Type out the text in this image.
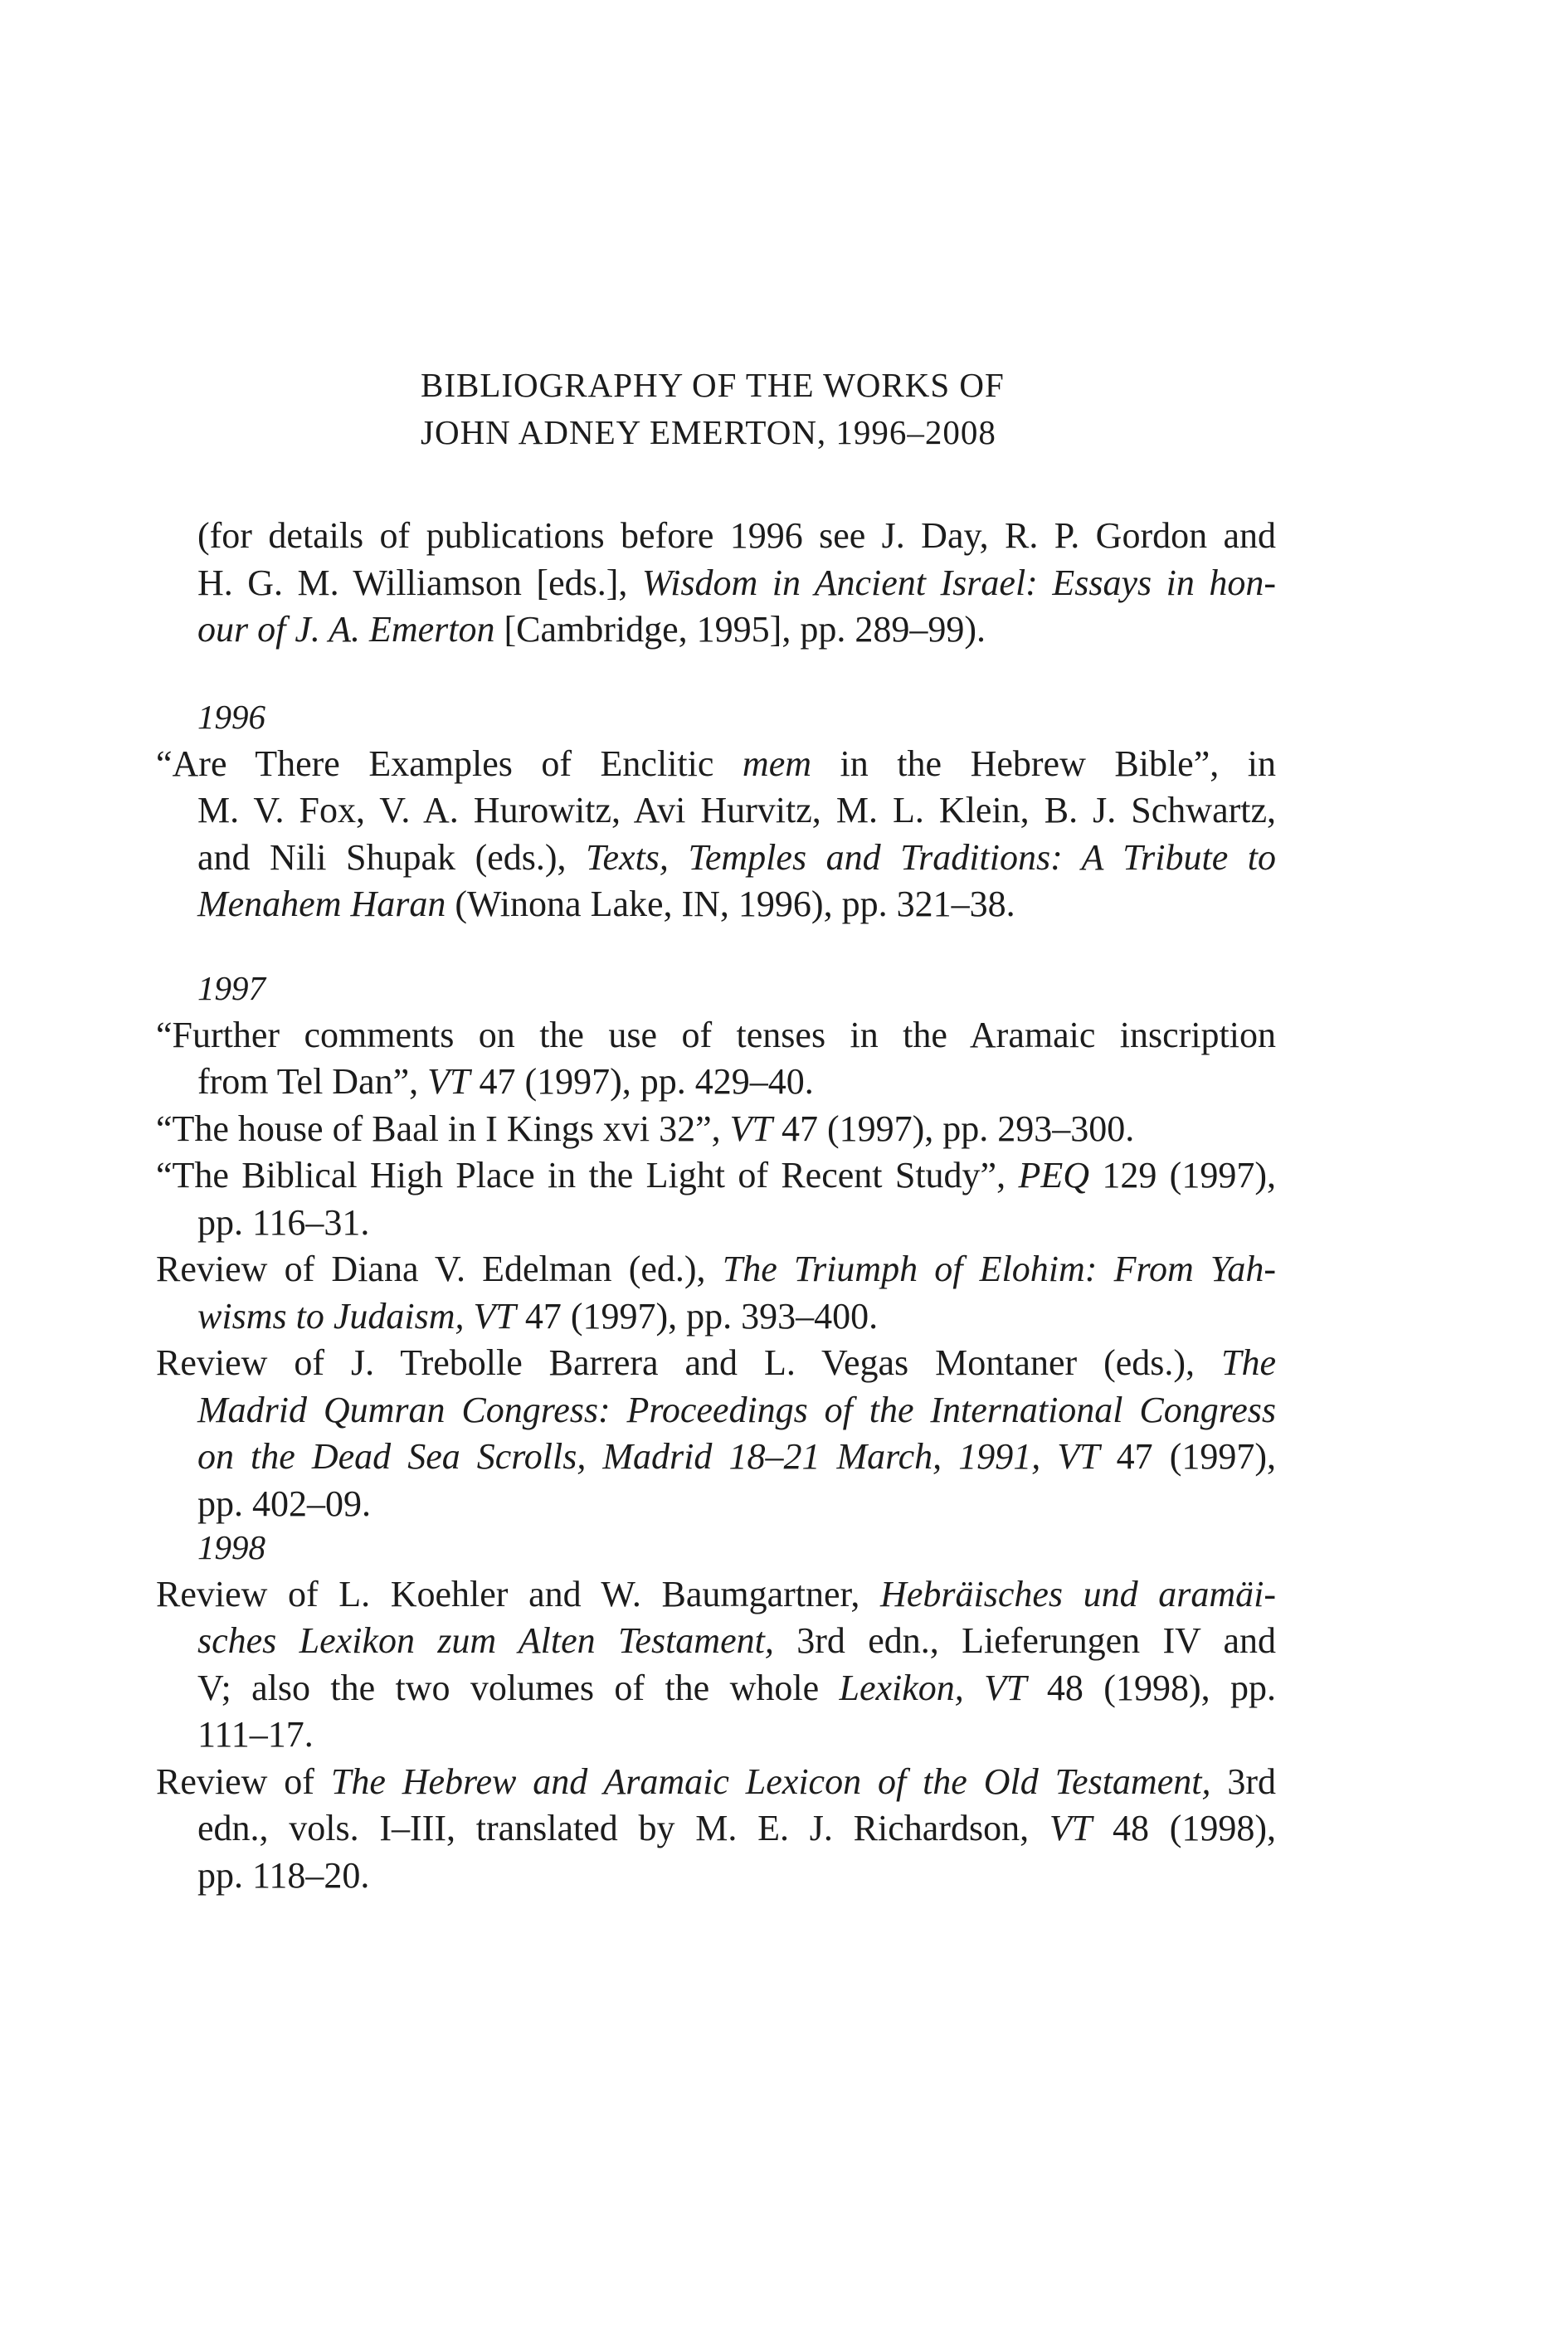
BIBLIOGRAPHY OF THE WORKS OF
JOHN ADNEY EMERTON, 1996–2008
(for details of publications before 1996 see J. Day, R. P. Gordon and
H. G. M. Williamson [eds.], Wisdom in Ancient Israel: Essays in hon-
our of J. A. Emerton [Cambridge, 1995], pp. 289–99).
1996
“Are There Examples of Enclitic mem in the Hebrew Bible”, in
M. V. Fox, V. A. Hurowitz, Avi Hurvitz, M. L. Klein, B. J. Schwartz,
and Nili Shupak (eds.), Texts, Temples and Traditions: A Tribute to
Menahem Haran (Winona Lake, IN, 1996), pp. 321–38.
1997
“Further comments on the use of tenses in the Aramaic inscription
from Tel Dan”, VT 47 (1997), pp. 429–40.
“The house of Baal in I Kings xvi 32”, VT 47 (1997), pp. 293–300.
“The Biblical High Place in the Light of Recent Study”, PEQ 129 (1997),
pp. 116–31.
Review of Diana V. Edelman (ed.), The Triumph of Elohim: From Yah-
wisms to Judaism, VT 47 (1997), pp. 393–400.
Review of J. Trebolle Barrera and L. Vegas Montaner (eds.), The
Madrid Qumran Congress: Proceedings of the International Congress
on the Dead Sea Scrolls, Madrid 18–21 March, 1991, VT 47 (1997),
pp. 402–09.
1998
Review of L. Koehler and W. Baumgartner, Hebräisches und aramäi-
sches Lexikon zum Alten Testament, 3rd edn., Lieferungen IV and
V; also the two volumes of the whole Lexikon, VT 48 (1998), pp.
111–17.
Review of The Hebrew and Aramaic Lexicon of the Old Testament, 3rd
edn., vols. I–III, translated by M. E. J. Richardson, VT 48 (1998),
pp. 118–20.
